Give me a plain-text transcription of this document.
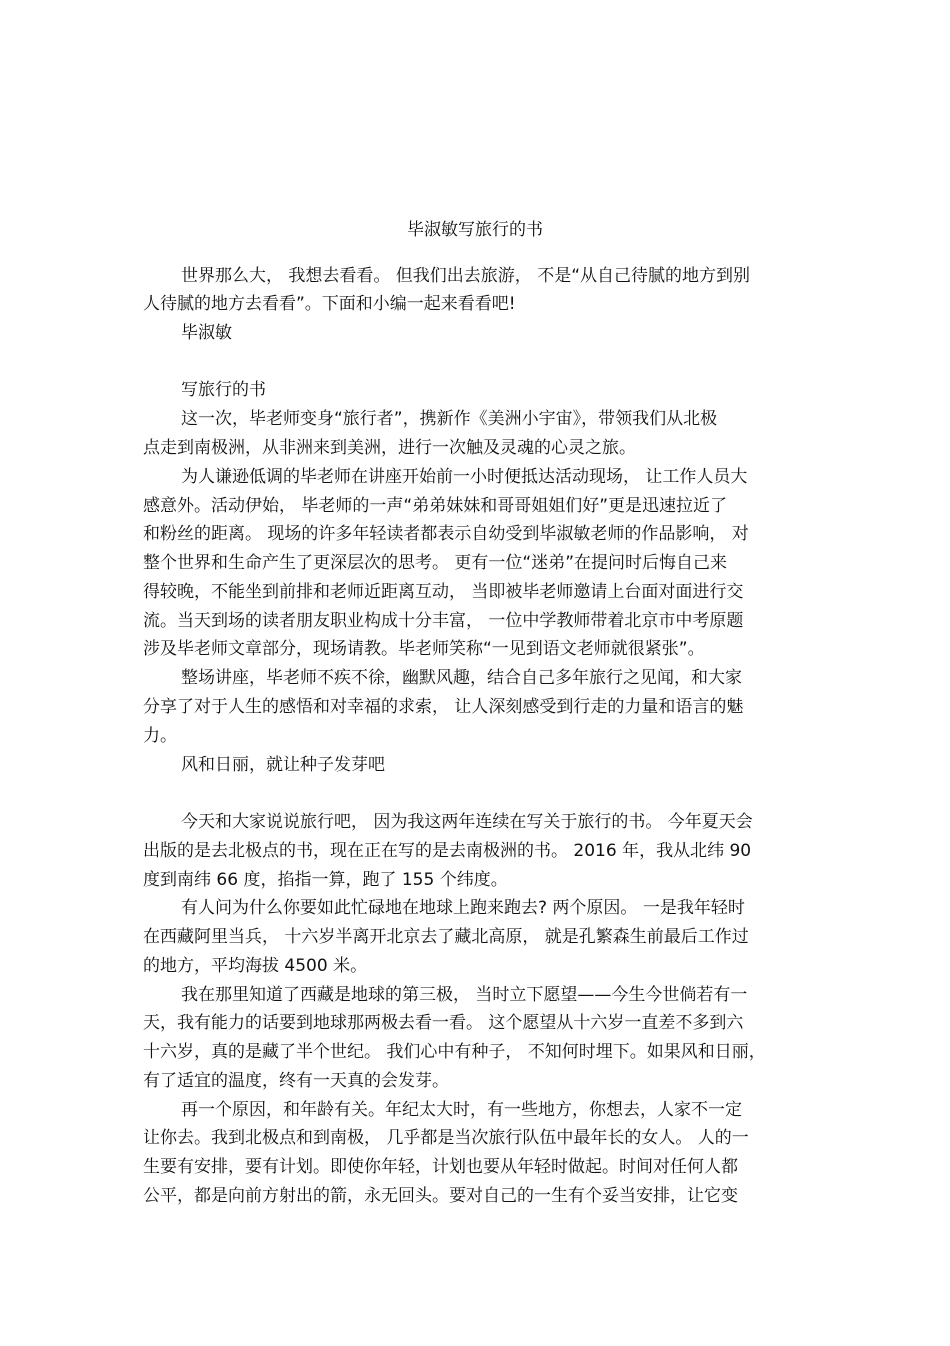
毕淑敏写旅行的书
世界那么大， 我想去看看。 但我们出去旅游， 不是“从自己待腻的地方到别
人待腻的地方去看看”。下面和小编一起来看看吧!
毕淑敏
写旅行的书
这一次，毕老师变身“旅行者”，携新作《美洲小宇宙》，带领我们从北极
点走到南极洲，从非洲来到美洲，进行一次触及灵魂的心灵之旅。
为人谦逊低调的毕老师在讲座开始前一小时便抵达活动现场， 让工作人员大
感意外。活动伊始， 毕老师的一声“弟弟妹妹和哥哥姐姐们好”更是迅速拉近了
和粉丝的距离。 现场的许多年轻读者都表示自幼受到毕淑敏老师的作品影响， 对
整个世界和生命产生了更深层次的思考。 更有一位“迷弟”在提问时后悔自己来
得较晚，不能坐到前排和老师近距离互动， 当即被毕老师邀请上台面对面进行交
流。当天到场的读者朋友职业构成十分丰富， 一位中学教师带着北京市中考原题
涉及毕老师文章部分，现场请教。毕老师笑称“一见到语文老师就很紧张”。
整场讲座，毕老师不疾不徐，幽默风趣，结合自己多年旅行之见闻，和大家
分享了对于人生的感悟和对幸福的求索， 让人深刻感受到行走的力量和语言的魅
力。
风和日丽，就让种子发芽吧
今天和大家说说旅行吧， 因为我这两年连续在写关于旅行的书。 今年夏天会
出版的是去北极点的书，现在正在写的是去南极洲的书。 2016 年，我从北纬 90
度到南纬 66 度，掐指一算，跑了 155 个纬度。
有人问为什么你要如此忙碌地在地球上跑来跑去? 两个原因。 一是我年轻时
在西藏阿里当兵， 十六岁半离开北京去了藏北高原， 就是孔繁森生前最后工作过
的地方，平均海拔 4500 米。
我在那里知道了西藏是地球的第三极， 当时立下愿望——今生今世倘若有一
天，我有能力的话要到地球那两极去看一看。 这个愿望从十六岁一直差不多到六
十六岁，真的是藏了半个世纪。 我们心中有种子， 不知何时埋下。如果风和日丽，
有了适宜的温度，终有一天真的会发芽。
再一个原因，和年龄有关。年纪太大时，有一些地方，你想去，人家不一定
让你去。我到北极点和到南极， 几乎都是当次旅行队伍中最年长的女人。 人的一
生要有安排，要有计划。即使你年轻，计划也要从年轻时做起。时间对任何人都
公平，都是向前方射出的箭，永无回头。要对自己的一生有个妥当安排，让它变
